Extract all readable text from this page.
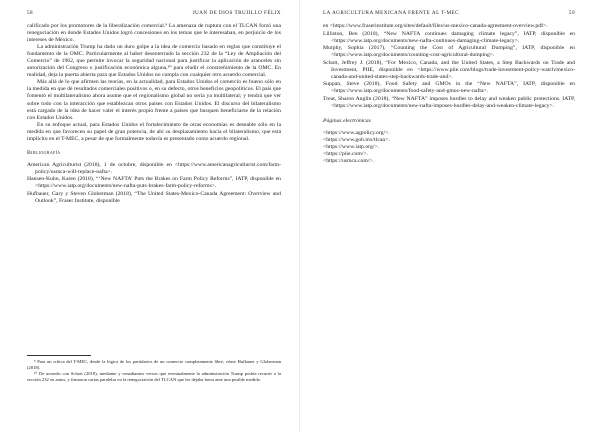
58	JUAN DE DIOS TRUJILLO FÉLIX

calificado por los promotores de la liberalización comercial.⁹ La amenaza de ruptura con el TLCAN forzó una renegociación en donde Estados Unidos logró concesiones en los temas que le interesaban, en perjuicio de los intereses de México.

La administración Trump ha dado un duro golpe a la idea de comercio basado en reglas que constituye el fundamento de la OMC. Particularmente al haber desenterrado la sección 232 de la “Ley de Ampliación del Comercio” de 1962, que permite invocar la seguridad nacional para justificar la aplicación de aranceles sin autorización del Congreso o justificación económica alguna,¹⁰ para eludir el constreñimiento de la OMC. En realidad, deja la puerta abierta para que Estados Unidos no cumpla con cualquier otro acuerdo comercial.

Más allá de lo que afirmen las teorías, en la actualidad, para Estados Unidos el comercio es bueno sólo en la medida en que dé resultados comerciales positivos o, en su defecto, otros beneficios geopolíticos. El país que fomentó el multilateralismo ahora asume que el regionalismo global no sería ya multilateral; y tendrá que ver sobre todo con la interacción que establezcan otros países con Estados Unidos. El discurso del bilateralismo está cargado de la idea de hacer valer el interés propio frente a países que busquen beneficiarse de la relación con Estados Unidos.

En su enfoque actual, para Estados Unidos el fortalecimiento de otras economías es deseable sólo en la medida en que favorecen su papel de gran potencia, de ahí su desplazamiento hacia el bilateralismo, que está implícito en el T-MEC, a pesar de que formalmente todavía es presentado como acuerdo regional.

Bibliografía

American Agriculturist (2018), 1 de octubre, disponible en <https://www.americanagriculturist.com/farm-policy/usmca-will-replace-nafta>.

Hansen-Kuhn, Karen (2018), “‘New NAFTA’ Puts the Brakes on Farm Policy Reforms”, IATP, disponible en <https://www.iatp.org/documents/new-nafta-puts-brakes-farm-policy-reforms>.

Hufbauer, Gary y Steven Globerman (2018), “The United States-Mexico-Canada Agreement: Overview and Outlook”, Fraser Institute, disponible

⁹ Para un crítica del T-MEC, desde la lógica de los partidarios de un comercio completamente libre, véase Hufbauer y Globerman (2018).

¹⁰ De acuerdo con Schott (2018), mediante y cenadianses versos que eventualmente la administración Trump podría recurrir a la sección 232 en autos, y firmaron cartas paralelas en la renegociación del TLCAN que les dejaba fuera ante una posible medida.

LA AGRICULTURA MEXICANA FRENTE AL T-MEC	59

en <https://www.fraserinstitute.org/sites/default/files/us-mexico-canada-agreement-overview.pdf>.

Lilliston, Ben (2018), “New NAFTA continues damaging climate legacy”, IATP, disponible en <https://www.iatp.org/documents/new-nafta-continues-damaging-climate-legacy>.

Murphy, Sophia (2017), “Counting the Cost of Agricultural Dumping”, IATP, disponible en <https://www.iatp.org/documents/counting-cost-agricultural-dumping>.

Schott, Jeffrey J. (2018), “For Mexico, Canada, and the United States, a Step Backwards on Trade and Investment, PIIE, disponible en <https://www.piie.com/blogs/trade-investment-policy-watch/mexico-canada-and-united-states-step-backwards-trade-and>.

Suppan, Steve (2018), Food Safety and GMOs in the “New NAFTA”, IATP, disponible en <https://www.iatp.org/documents/food-safety-and-gmos-new-nafta>.

Treat, Sharon Anglin (2018), “New NAFTA” imposes hurdles to delay and weaken public protections. IATP, <https://www.iatp.org/documents/new-nafta-imposes-hurdles-delay-and-weaken-climate-legacy>.

Páginas electrónicas

<https://www.agpolicy.org/>.

<https://www.gob.mx/tlcan>.

<https://www.iatp.org/>.

<https://piie.com/>.

<https://usmca.com/>.
